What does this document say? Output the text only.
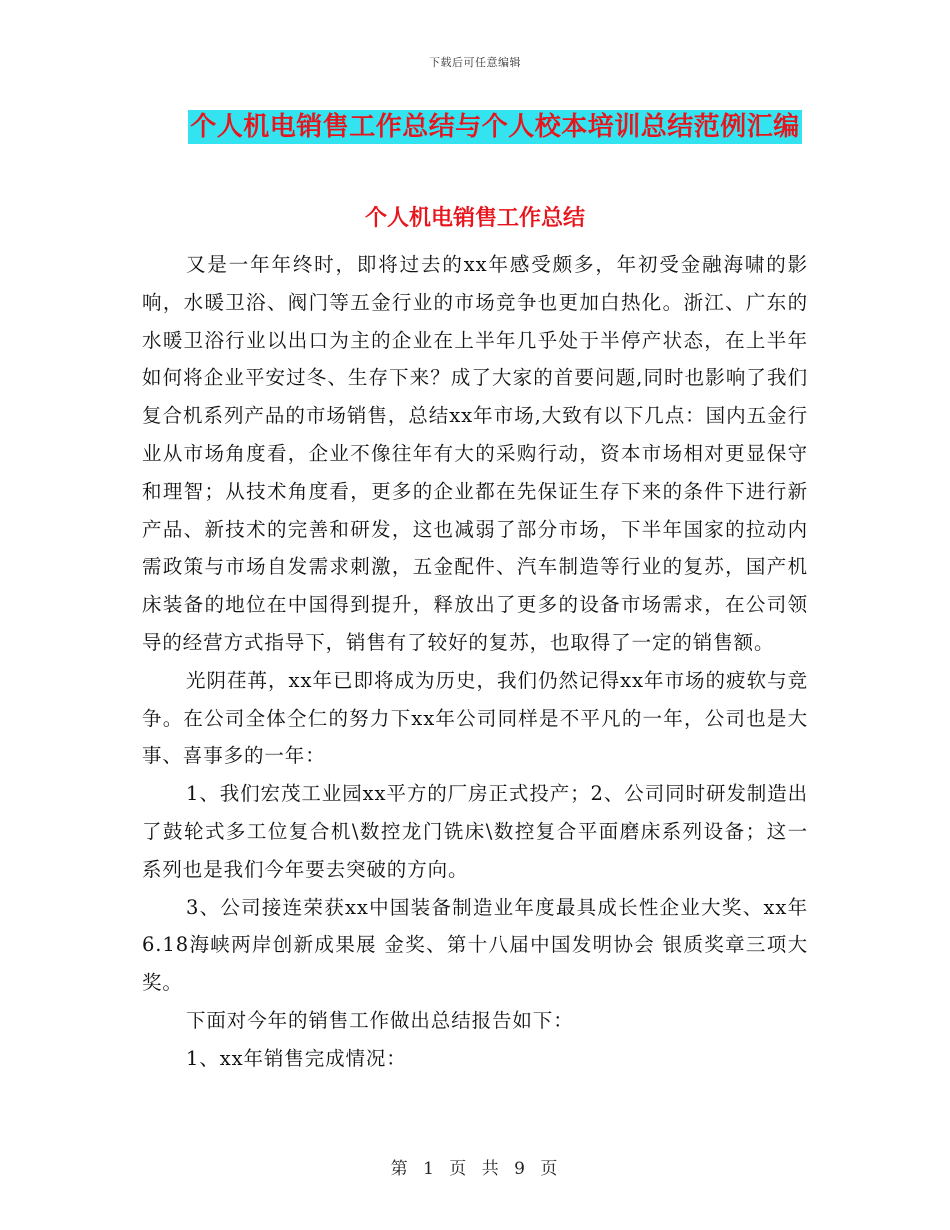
下载后可任意编辑
个人机电销售工作总结与个人校本培训总结范例汇编
个人机电销售工作总结

又是一年年终时，即将过去的xx年感受颇多，年初受金融海啸的影响，水暖卫浴、阀门等五金行业的市场竞争也更加白热化。浙江、广东的水暖卫浴行业以出口为主的企业在上半年几乎处于半停产状态，在上半年如何将企业平安过冬、生存下来？成了大家的首要问题,同时也影响了我们复合机系列产品的市场销售，总结xx年市场,大致有以下几点：国内五金行业从市场角度看，企业不像往年有大的采购行动，资本市场相对更显保守和理智；从技术角度看，更多的企业都在先保证生存下来的条件下进行新产品、新技术的完善和研发，这也减弱了部分市场，下半年国家的拉动内需政策与市场自发需求刺激，五金配件、汽车制造等行业的复苏，国产机床装备的地位在中国得到提升，释放出了更多的设备市场需求，在公司领导的经营方式指导下，销售有了较好的复苏，也取得了一定的销售额。

光阴荏苒，xx年已即将成为历史，我们仍然记得xx年市场的疲软与竞争。在公司全体仝仁的努力下xx年公司同样是不平凡的一年，公司也是大事、喜事多的一年：

1、我们宏茂工业园xx平方的厂房正式投产；2、公司同时研发制造出了鼓轮式多工位复合机\数控龙门铣床\数控复合平面磨床系列设备；这一系列也是我们今年要去突破的方向。

3、公司接连荣获xx中国装备制造业年度最具成长性企业大奖、xx年6.18海峡两岸创新成果展 金奖、第十八届中国发明协会 银质奖章三项大奖。

下面对今年的销售工作做出总结报告如下：

1、xx年销售完成情况：

第 1 页 共 9 页
